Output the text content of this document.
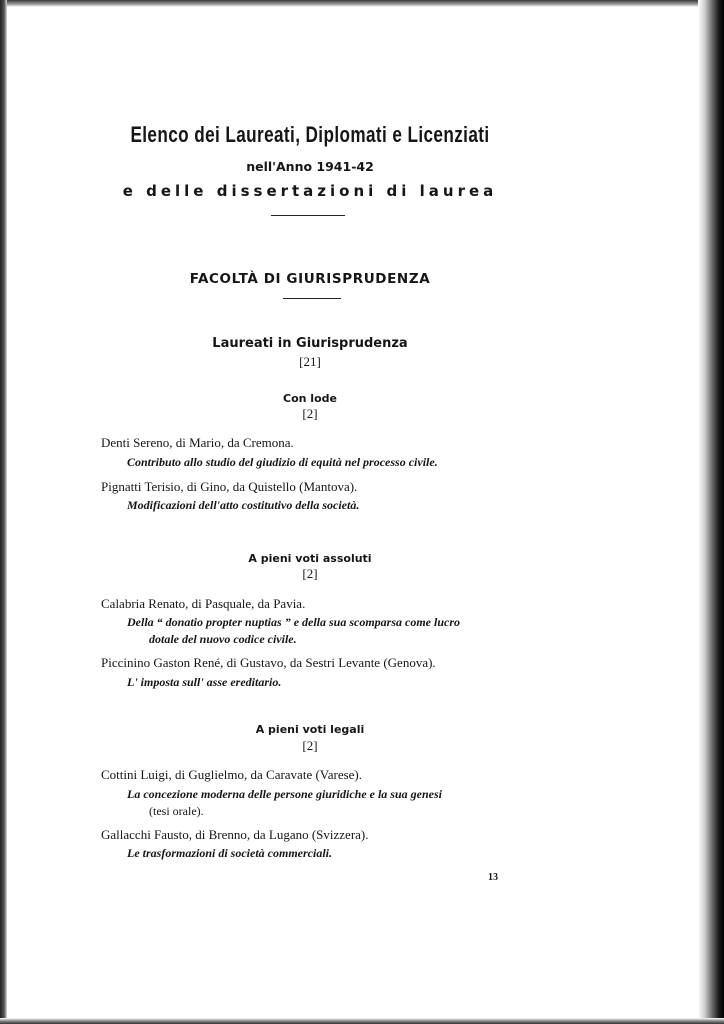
Elenco dei Laureati, Diplomati e Licenziati
nell'Anno 1941-42
e delle dissertazioni di laurea
FACOLTÀ DI GIURISPRUDENZA
Laureati in Giurisprudenza
[21]
Con lode
[2]
Denti Sereno, di Mario, da Cremona.
Contributo allo studio del giudizio di equità nel processo civile.
Pignatti Terisio, di Gino, da Quistello (Mantova).
Modificazioni dell'atto costitutivo della società.
A pieni voti assoluti
[2]
Calabria Renato, di Pasquale, da Pavia.
Della “ donatio propter nuptias ” e della sua scomparsa come lucro
dotale del nuovo codice civile.
Piccinino Gaston René, di Gustavo, da Sestri Levante (Genova).
L' imposta sull' asse ereditario.
A pieni voti legali
[2]
Cottini Luigi, di Guglielmo, da Caravate (Varese).
La concezione moderna delle persone giuridiche e la sua genesi
(tesi orale).
Gallacchi Fausto, di Brenno, da Lugano (Svizzera).
Le trasformazioni di società commerciali.
13
